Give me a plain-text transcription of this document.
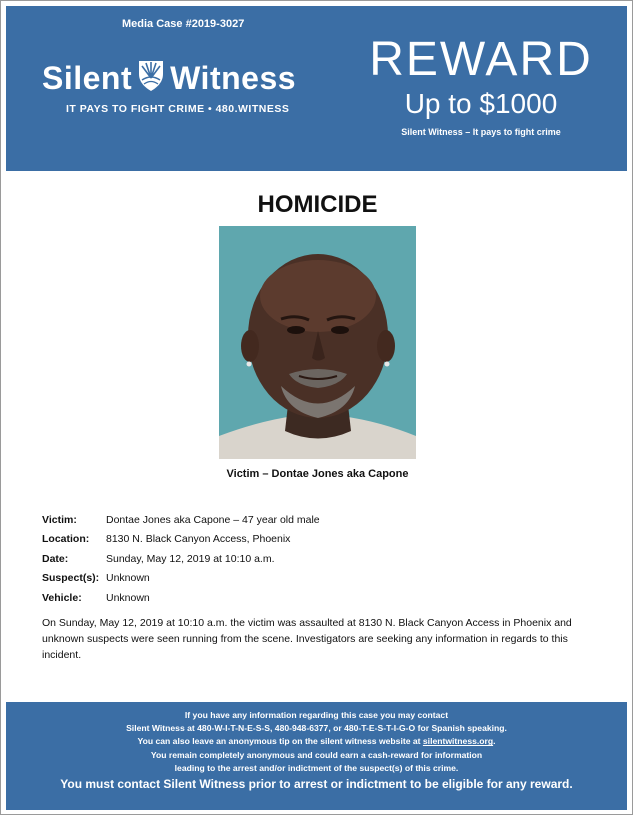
Media Case #2019-3027
Silent Witness
IT PAYS TO FIGHT CRIME • 480.WITNESS
REWARD
Up to $1000
Silent Witness – It pays to fight crime
HOMICIDE
Victim – Dontae Jones aka Capone
Victim:	Dontae Jones aka Capone – 47 year old male
Location:	8130 N. Black Canyon Access, Phoenix
Date:	Sunday, May 12, 2019 at 10:10 a.m.
Suspect(s): Unknown
Vehicle:	Unknown
On Sunday, May 12, 2019 at 10:10 a.m. the victim was assaulted at 8130 N. Black Canyon Access in Phoenix and unknown suspects were seen running from the scene. Investigators are seeking any information in regards to this incident.
If you have any information regarding this case you may contact
Silent Witness at 480-W-I-T-N-E-S-S, 480-948-6377, or 480-T-E-S-T-I-G-O for Spanish speaking.
You can also leave an anonymous tip on the silent witness website at silentwitness.org.
You remain completely anonymous and could earn a cash-reward for information
leading to the arrest and/or indictment of the suspect(s) of this crime.
You must contact Silent Witness prior to arrest or indictment to be eligible for any reward.
